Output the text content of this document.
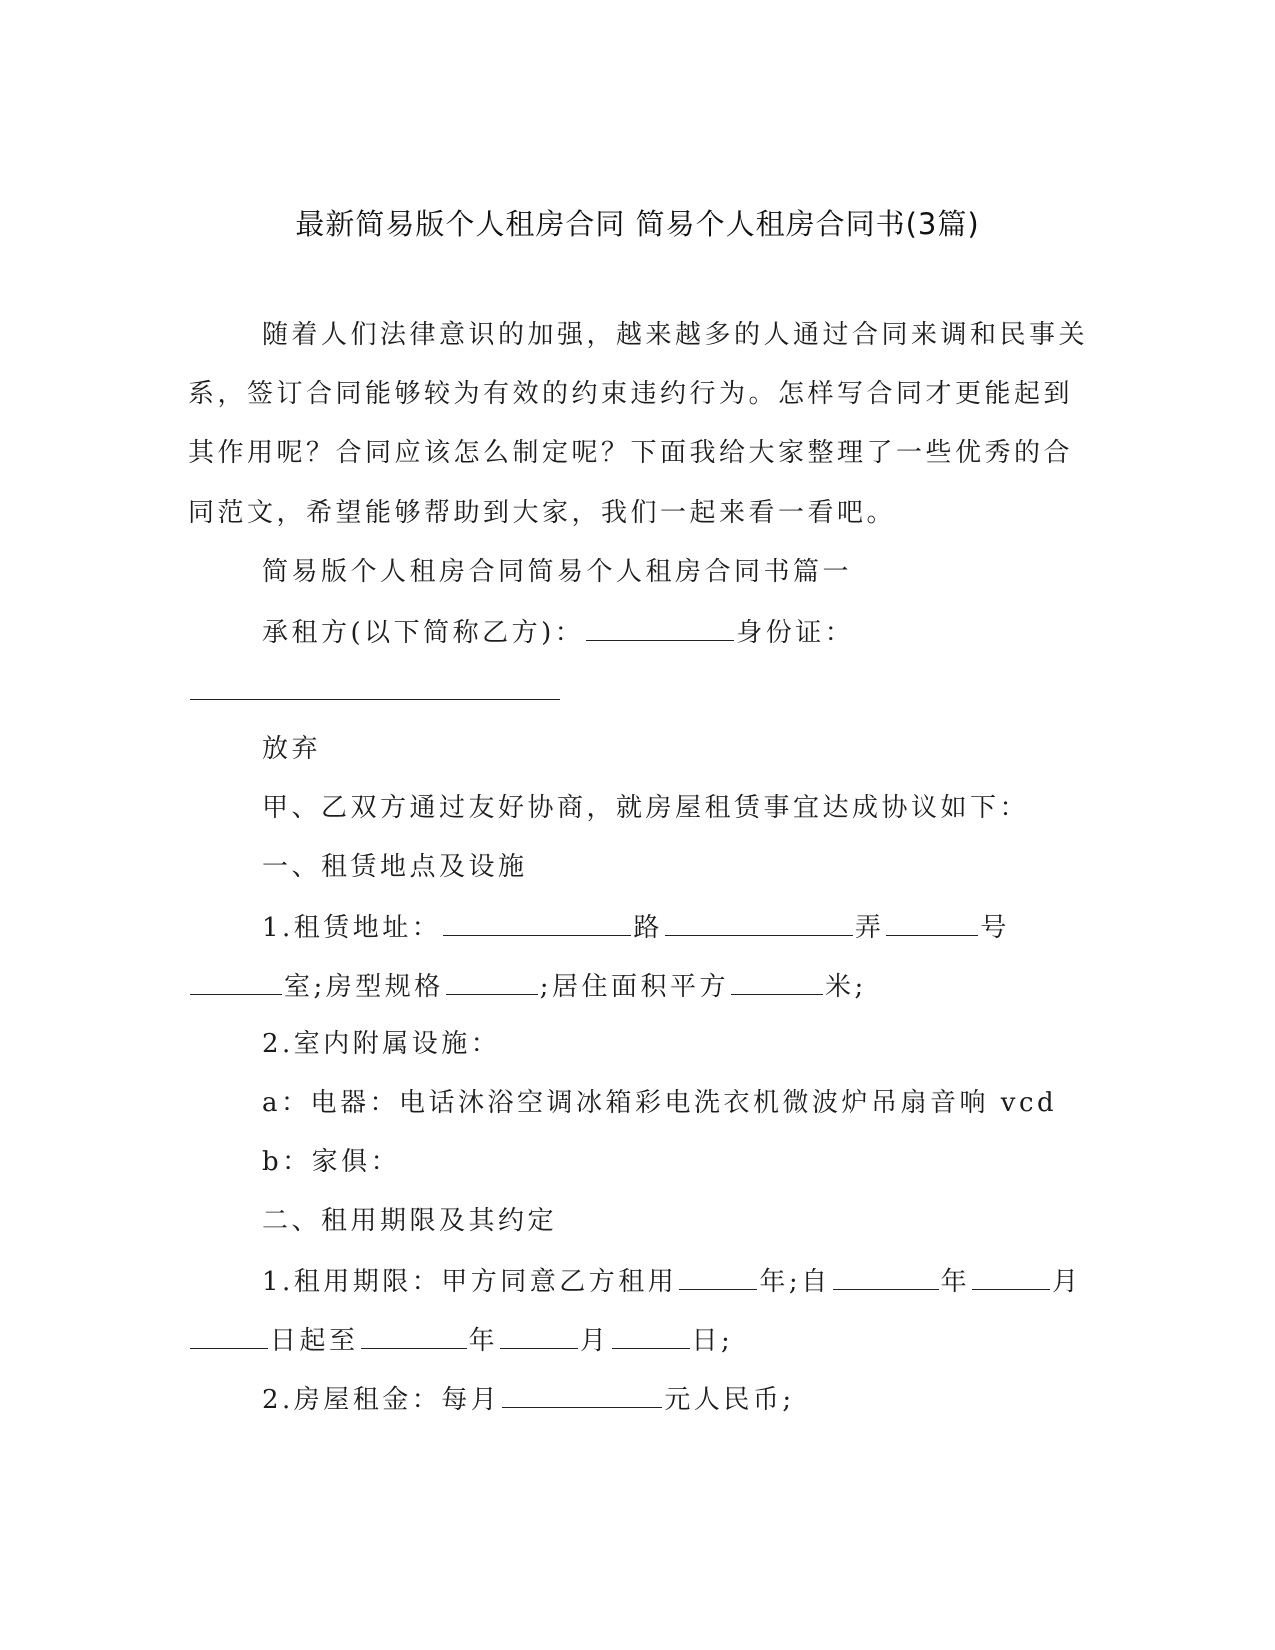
最新简易版个人租房合同 简易个人租房合同书(3篇)
随着人们法律意识的加强，越来越多的人通过合同来调和民事关
系，签订合同能够较为有效的约束违约行为。怎样写合同才更能起到
其作用呢？合同应该怎么制定呢？下面我给大家整理了一些优秀的合
同范文，希望能够帮助到大家，我们一起来看一看吧。
简易版个人租房合同简易个人租房合同书篇一
承租方(以下简称乙方)：	身份证：
放弃
甲、乙双方通过友好协商，就房屋租赁事宜达成协议如下：
一、租赁地点及设施
1.租赁地址：	路	弄	号
室;房型规格	;居住面积平方	米;
2.室内附属设施：
a：电器：电话沐浴空调冰箱彩电洗衣机微波炉吊扇音响 vcd
b：家俱：
二、租用期限及其约定
1.租用期限：甲方同意乙方租用	年;自	年	月
日起至	年	月	日;
2.房屋租金：每月	元人民币;
